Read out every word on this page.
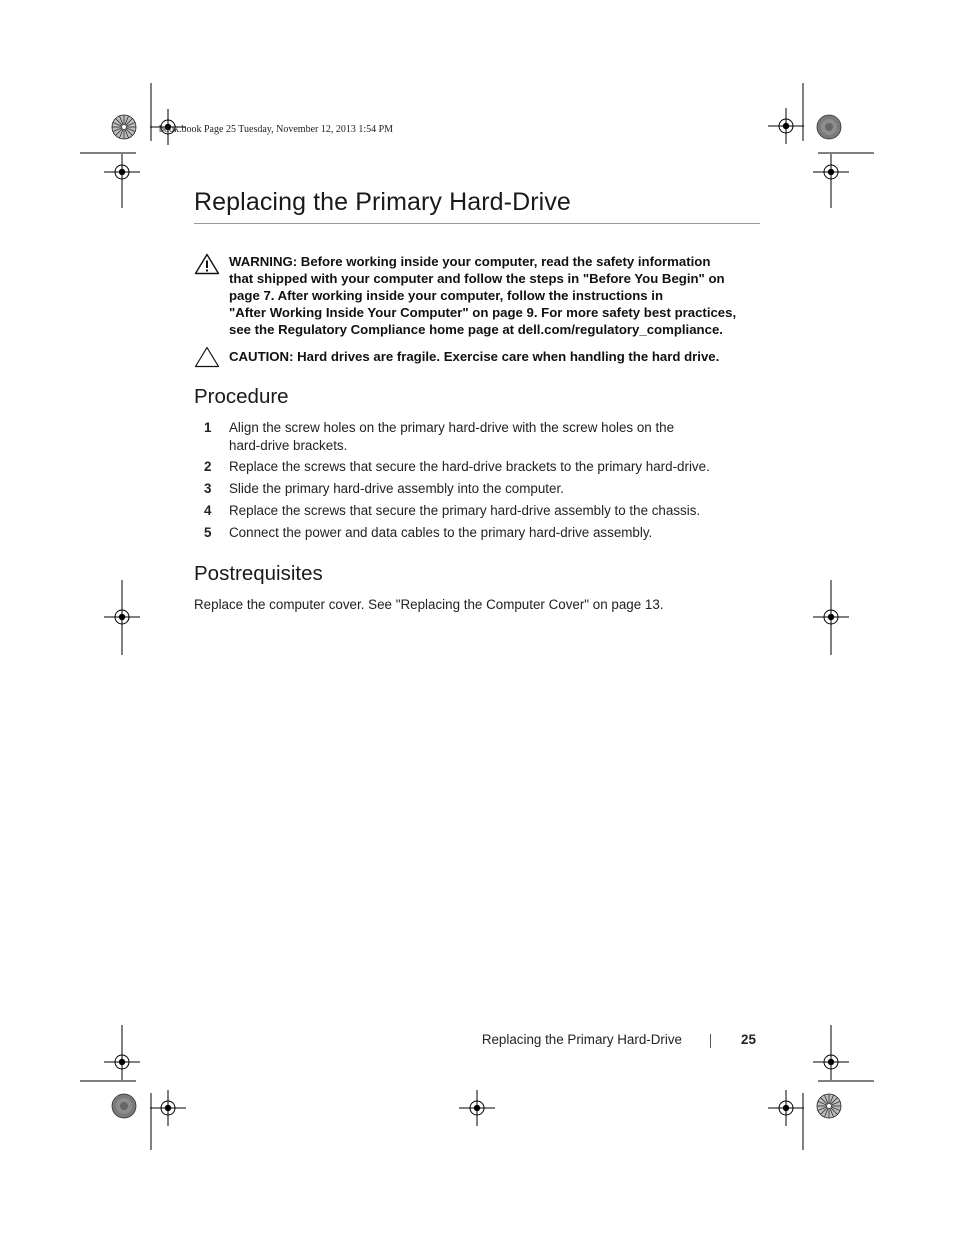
book.book Page 25 Tuesday, November 12, 2013 1:54 PM
Replacing the Primary Hard-Drive
WARNING: Before working inside your computer, read the safety information
that shipped with your computer and follow the steps in "Before You Begin" on
page 7. After working inside your computer, follow the instructions in
"After Working Inside Your Computer" on page 9. For more safety best practices,
see the Regulatory Compliance home page at dell.com/regulatory_compliance.
CAUTION: Hard drives are fragile. Exercise care when handling the hard drive.
Procedure
1 Align the screw holes on the primary hard-drive with the screw holes on the
hard-drive brackets.
2 Replace the screws that secure the hard-drive brackets to the primary hard-drive.
3 Slide the primary hard-drive assembly into the computer.
4 Replace the screws that secure the primary hard-drive assembly to the chassis.
5 Connect the power and data cables to the primary hard-drive assembly.
Postrequisites
Replace the computer cover. See "Replacing the Computer Cover" on page 13.
Replacing the Primary Hard-Drive	25
